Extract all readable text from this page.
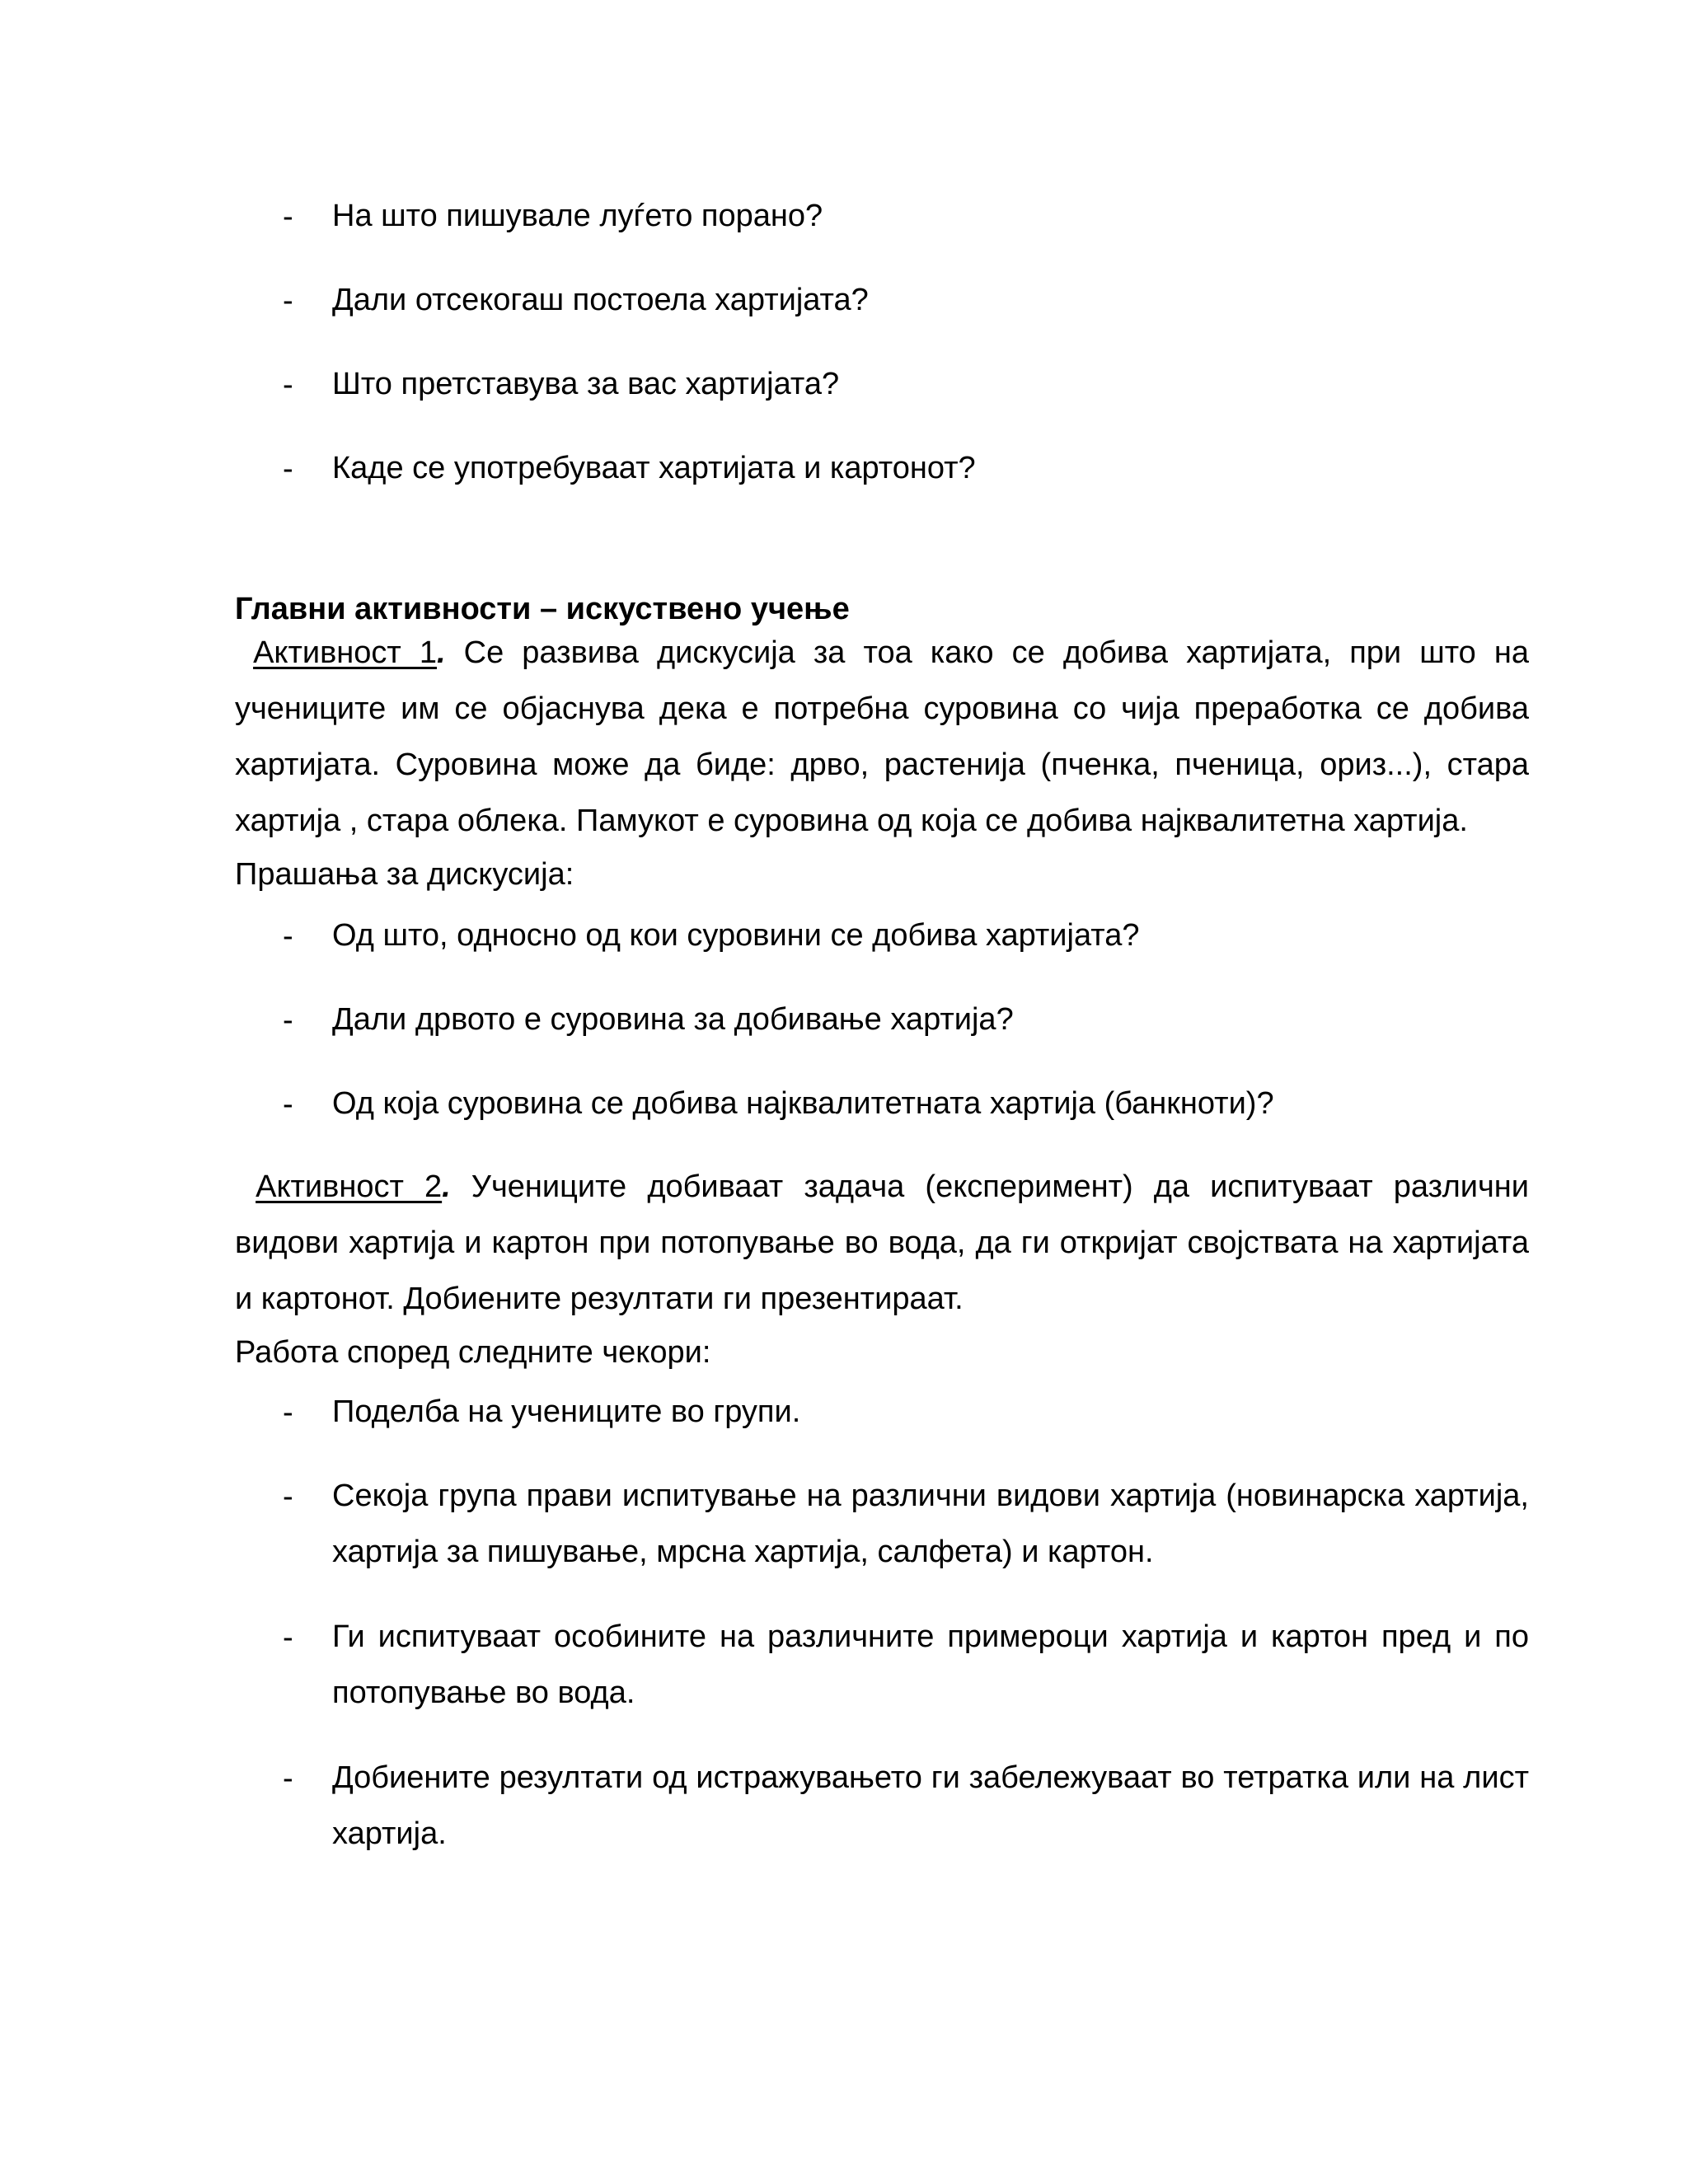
- На што пишувале луѓето порано?
- Дали отсекогаш постоела хартијата?
- Што претставува за вас хартијата?
- Каде се употребуваат хартијата и картонот?
Главни активности – искуствено учење
Активност 1. Се развива дискусија за тоа како се добива хартијата, при што на учениците им се објаснува дека е потребна суровина со чија преработка се добива хартијата. Суровина може да биде: дрво, растенија (пченка, пченица, ориз...), стара хартија , стара облека. Памукот е суровина од која се добива најквалитетна хартија.
Прашања за дискусија:
- Од што, односно од кои суровини се добива хартијата?
- Дали дрвото е суровина за добивање хартија?
- Од која суровина се добива најквалитетната хартија (банкноти)?
Активност 2. Учениците добиваат задача (експеримент) да испитуваат различни видови хартија и картон при потопување во вода, да ги откријат својствата на хартијата и картонот. Добиените резултати ги презентираат.
Работа според следните чекори:
- Поделба на учениците во групи.
- Секоја група прави испитување на различни видови хартија (новинарска хартија, хартија за пишување, мрсна хартија, салфета) и картон.
- Ги испитуваат особините на различните примероци хартија и картон пред и по потопување во вода.
- Добиените резултати од истражувањето ги забележуваат во тетратка или на лист хартија.
